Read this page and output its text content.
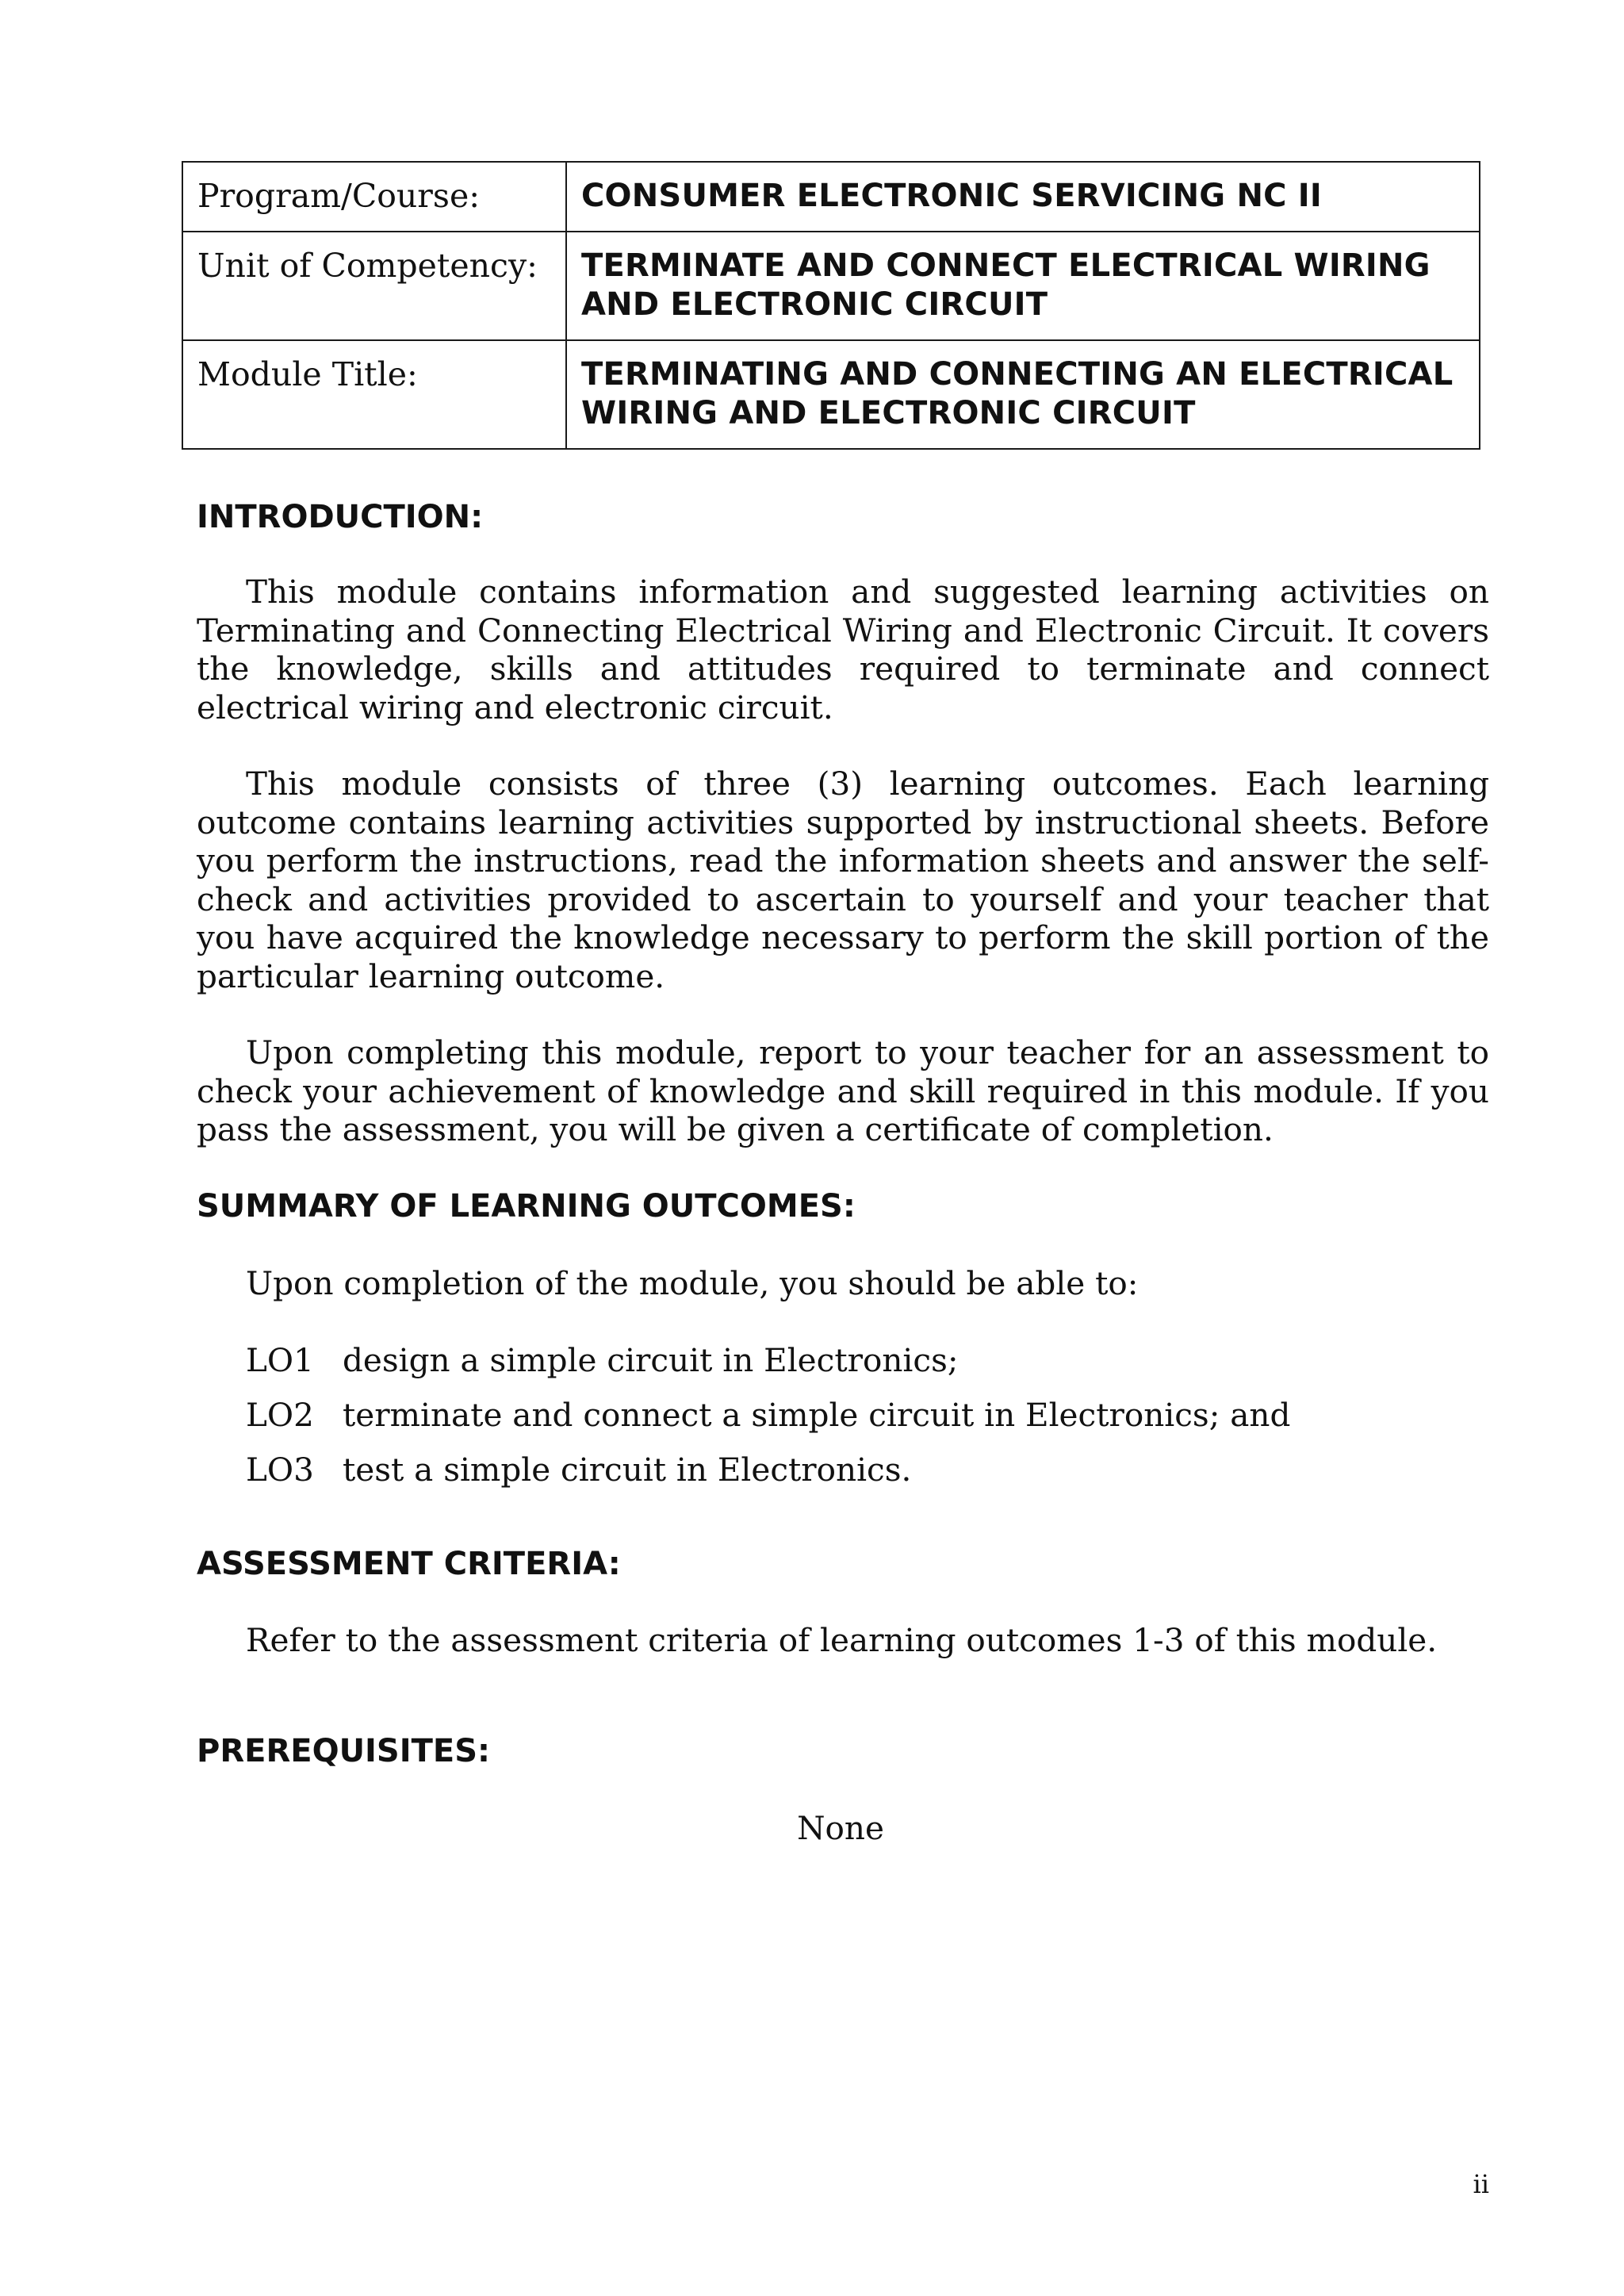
Program/Course:	CONSUMER ELECTRONIC SERVICING NC II
Unit of Competency:	TERMINATE AND CONNECT ELECTRICAL WIRING AND ELECTRONIC CIRCUIT
Module Title:	TERMINATING AND CONNECTING AN ELECTRICAL WIRING AND ELECTRONIC CIRCUIT
INTRODUCTION:

This module contains information and suggested learning activities on Terminating and Connecting Electrical Wiring and Electronic Circuit. It covers the knowledge, skills and attitudes required to terminate and connect electrical wiring and electronic circuit.

This module consists of three (3) learning outcomes. Each learning outcome contains learning activities supported by instructional sheets. Before you perform the instructions, read the information sheets and answer the self-check and activities provided to ascertain to yourself and your teacher that you have acquired the knowledge necessary to perform the skill portion of the particular learning outcome.

Upon completing this module, report to your teacher for an assessment to check your achievement of knowledge and skill required in this module. If you pass the assessment, you will be given a certificate of completion.

SUMMARY OF LEARNING OUTCOMES:

Upon completion of the module, you should be able to:

LO1 design a simple circuit in Electronics;

LO2 terminate and connect a simple circuit in Electronics; and

LO3 test a simple circuit in Electronics.

ASSESSMENT CRITERIA:

Refer to the assessment criteria of learning outcomes 1-3 of this module.

PREREQUISITES:

None

ii
